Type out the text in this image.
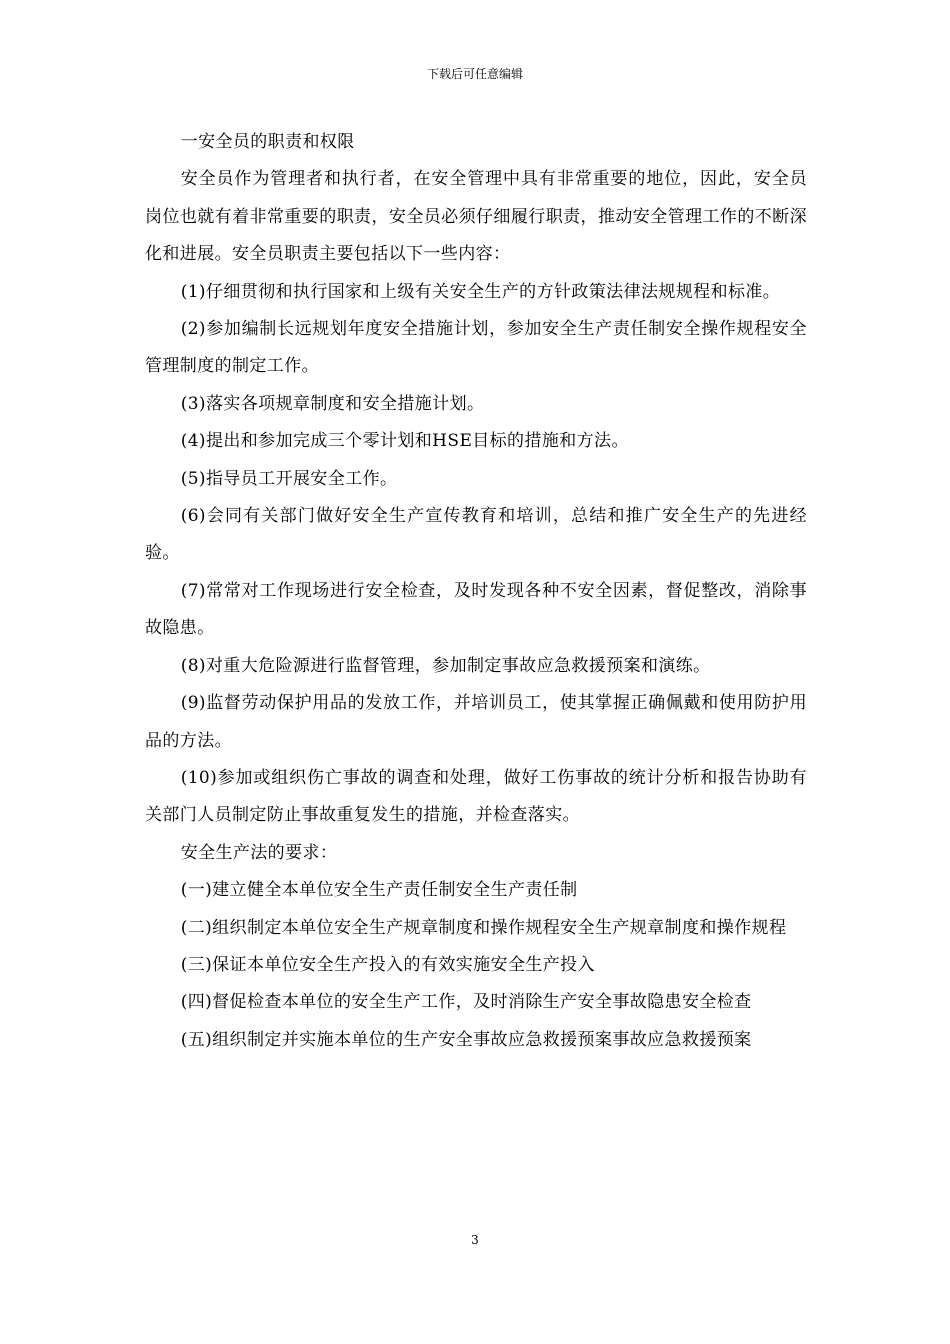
下载后可任意编辑

一安全员的职责和权限

安全员作为管理者和执行者，在安全管理中具有非常重要的地位，因此，安全员岗位也就有着非常重要的职责，安全员必须仔细履行职责，推动安全管理工作的不断深化和进展。安全员职责主要包括以下一些内容：

(1)仔细贯彻和执行国家和上级有关安全生产的方针政策法律法规规程和标准。

(2)参加编制长远规划年度安全措施计划，参加安全生产责任制安全操作规程安全管理制度的制定工作。

(3)落实各项规章制度和安全措施计划。

(4)提出和参加完成三个零计划和HSE目标的措施和方法。

(5)指导员工开展安全工作。

(6)会同有关部门做好安全生产宣传教育和培训，总结和推广安全生产的先进经验。

(7)常常对工作现场进行安全检查，及时发现各种不安全因素，督促整改，消除事故隐患。

(8)对重大危险源进行监督管理，参加制定事故应急救援预案和演练。

(9)监督劳动保护用品的发放工作，并培训员工，使其掌握正确佩戴和使用防护用品的方法。

(10)参加或组织伤亡事故的调查和处理，做好工伤事故的统计分析和报告协助有关部门人员制定防止事故重复发生的措施，并检查落实。

安全生产法的要求：

(一)建立健全本单位安全生产责任制安全生产责任制

(二)组织制定本单位安全生产规章制度和操作规程安全生产规章制度和操作规程

(三)保证本单位安全生产投入的有效实施安全生产投入

(四)督促检查本单位的安全生产工作，及时消除生产安全事故隐患安全检查

(五)组织制定并实施本单位的生产安全事故应急救援预案事故应急救援预案

3
